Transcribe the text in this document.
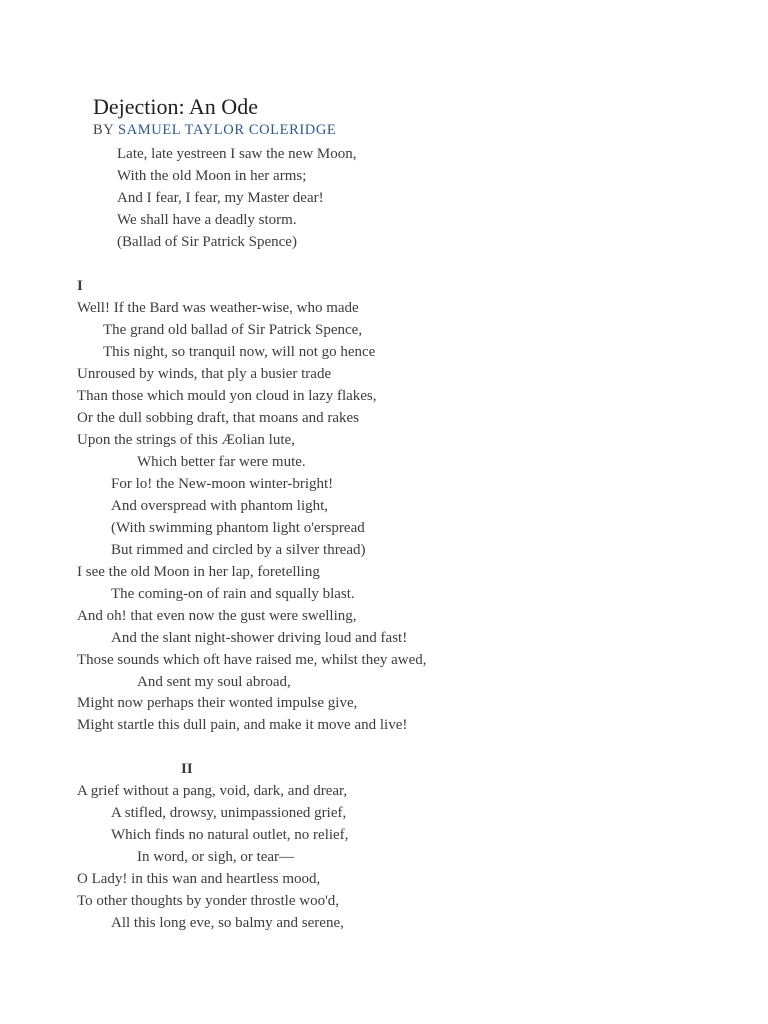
Dejection: An Ode
BY SAMUEL TAYLOR COLERIDGE
Late, late yestreen I saw the new Moon,
With the old Moon in her arms;
And I fear, I fear, my Master dear!
We shall have a deadly storm.
(Ballad of Sir Patrick Spence)
I
Well! If the Bard was weather-wise, who made
The grand old ballad of Sir Patrick Spence,
This night, so tranquil now, will not go hence
Unroused by winds, that ply a busier trade
Than those which mould yon cloud in lazy flakes,
Or the dull sobbing draft, that moans and rakes
Upon the strings of this Æolian lute,
Which better far were mute.
For lo! the New-moon winter-bright!
And overspread with phantom light,
(With swimming phantom light o'erspread
But rimmed and circled by a silver thread)
I see the old Moon in her lap, foretelling
The coming-on of rain and squally blast.
And oh! that even now the gust were swelling,
And the slant night-shower driving loud and fast!
Those sounds which oft have raised me, whilst they awed,
And sent my soul abroad,
Might now perhaps their wonted impulse give,
Might startle this dull pain, and make it move and live!
II
A grief without a pang, void, dark, and drear,
A stifled, drowsy, unimpassioned grief,
Which finds no natural outlet, no relief,
In word, or sigh, or tear—
O Lady! in this wan and heartless mood,
To other thoughts by yonder throstle woo'd,
All this long eve, so balmy and serene,
